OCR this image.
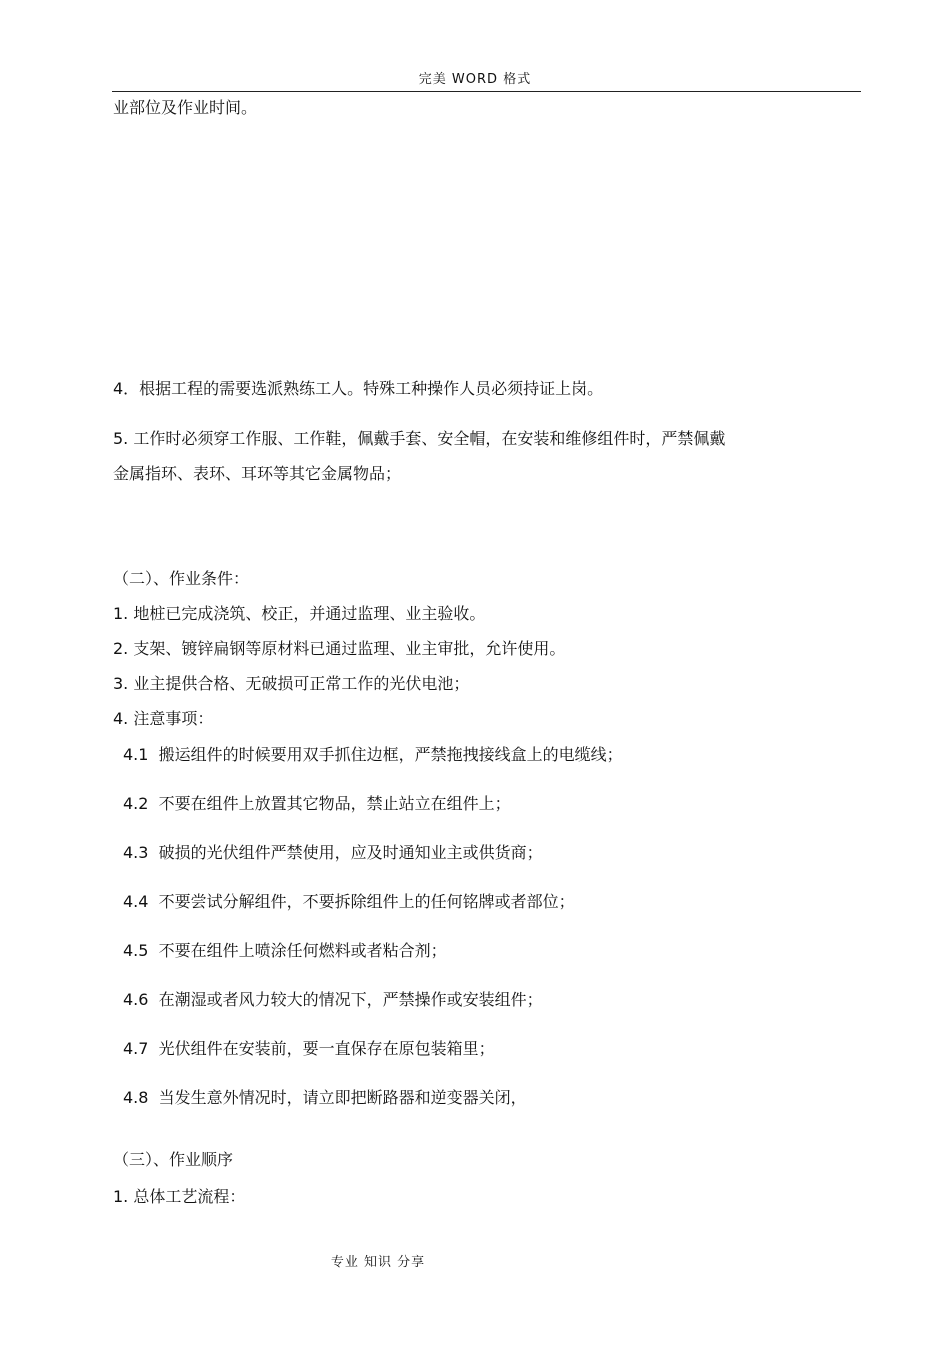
完美 WORD 格式
业部位及作业时间。
4．根据工程的需要选派熟练工人。特殊工种操作人员必须持证上岗。
5. 工作时必须穿工作服、工作鞋，佩戴手套、安全帽，在安装和维修组件时，严禁佩戴
金属指环、表环、耳环等其它金属物品；
（二）、作业条件：
1. 地桩已完成浇筑、校正，并通过监理、业主验收。
2. 支架、镀锌扁钢等原材料已通过监理、业主审批，允许使用。
3. 业主提供合格、无破损可正常工作的光伏电池；
4. 注意事项：
4.1 搬运组件的时候要用双手抓住边框，严禁拖拽接线盒上的电缆线；
4.2 不要在组件上放置其它物品，禁止站立在组件上；
4.3 破损的光伏组件严禁使用，应及时通知业主或供货商；
4.4 不要尝试分解组件，不要拆除组件上的任何铭牌或者部位；
4.5 不要在组件上喷涂任何燃料或者粘合剂；
4.6 在潮湿或者风力较大的情况下，严禁操作或安装组件；
4.7 光伏组件在安装前，要一直保存在原包装箱里；
4.8 当发生意外情况时，请立即把断路器和逆变器关闭，
（三）、作业顺序
1. 总体工艺流程：
专业 知识 分享
